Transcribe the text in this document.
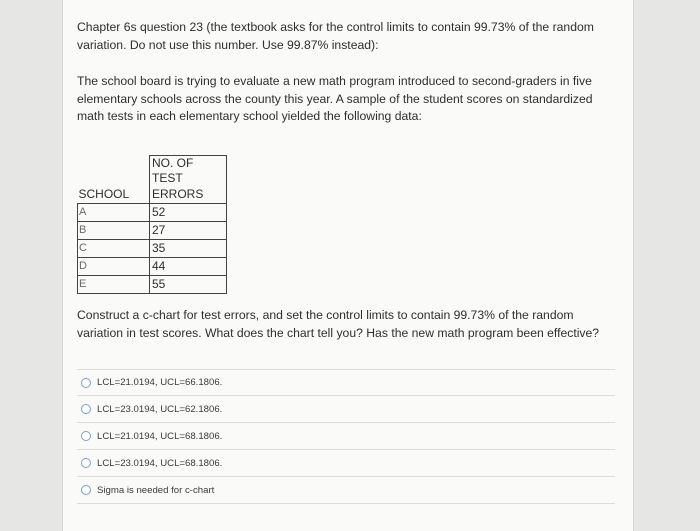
Chapter 6s question 23 (the textbook asks for the control limits to contain 99.73% of the random variation. Do not use this number. Use 99.87% instead):

The school board is trying to evaluate a new math program introduced to second-graders in five elementary schools across the county this year. A sample of the student scores on standardized math tests in each elementary school yielded the following data:

	NO. OF TEST
SCHOOL	ERRORS
A	52
B	27
C	35
D	44
E	55

Construct a c-chart for test errors, and set the control limits to contain 99.73% of the random variation in test scores. What does the chart tell you? Has the new math program been effective?

LCL=21.0194, UCL=66.1806.
LCL=23.0194, UCL=62.1806.
LCL=21.0194, UCL=68.1806.
LCL=23.0194, UCL=68.1806.
Sigma is needed for c-chart
